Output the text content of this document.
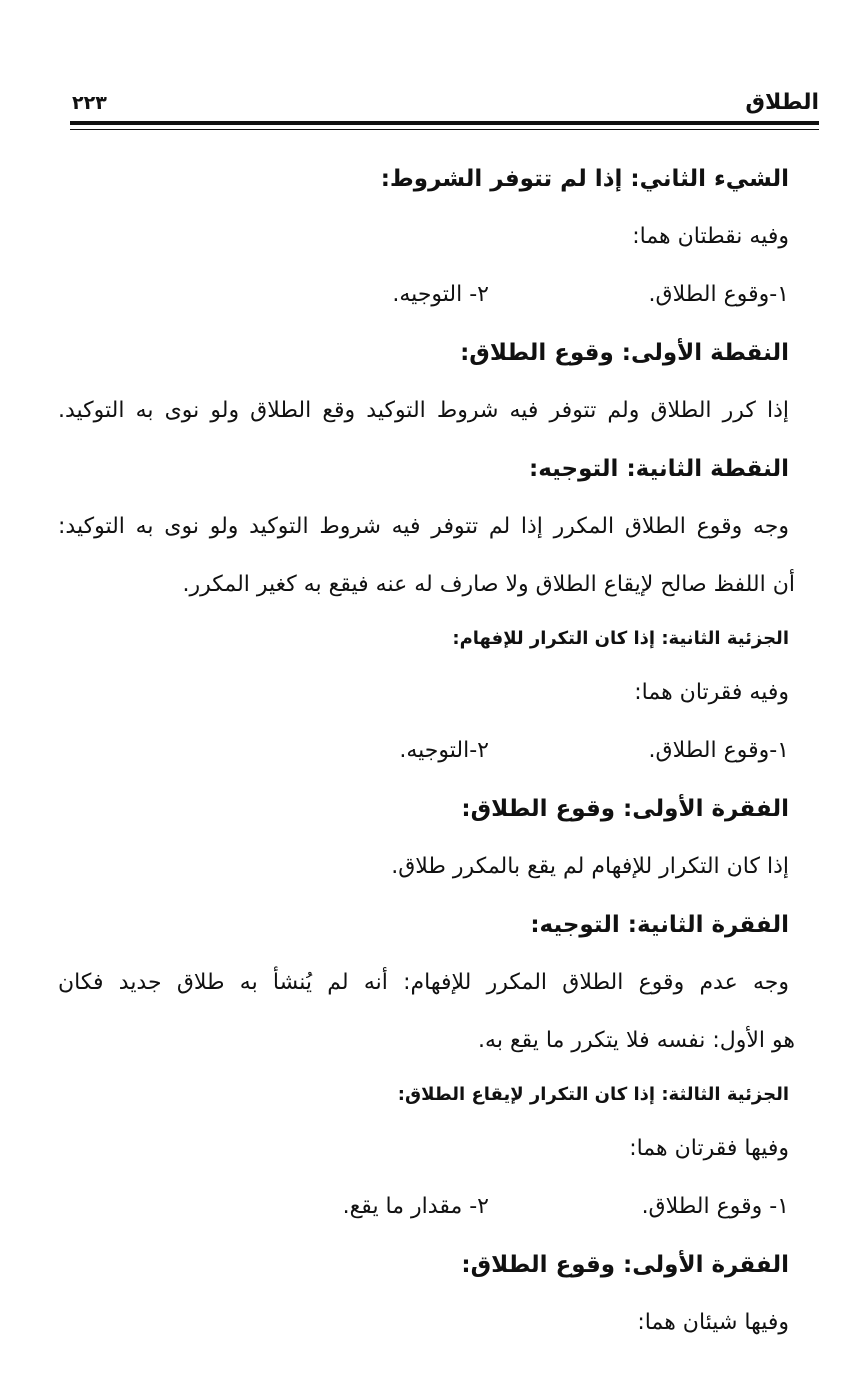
الطلاق
٢٢٣
الشيء الثاني: إذا لم تتوفر الشروط:
وفيه نقطتان هما:
١-وقوع الطلاق.
٢- التوجيه.
النقطة الأولى: وقوع الطلاق:
إذا كرر الطلاق ولم تتوفر فيه شروط التوكيد وقع الطلاق ولو نوى به التوكيد.
النقطة الثانية: التوجيه:
وجه وقوع الطلاق المكرر إذا لم تتوفر فيه شروط التوكيد ولو نوى به التوكيد:
أن اللفظ صالح لإيقاع الطلاق ولا صارف له عنه فيقع به كغير المكرر.
الجزئية الثانية: إذا كان التكرار للإفهام:
وفيه فقرتان هما:
١-وقوع الطلاق.
٢-التوجيه.
الفقرة الأولى: وقوع الطلاق:
إذا كان التكرار للإفهام لم يقع بالمكرر طلاق.
الفقرة الثانية: التوجيه:
وجه عدم وقوع الطلاق المكرر للإفهام: أنه لم يُنشأ به طلاق جديد فكان
هو الأول: نفسه فلا يتكرر ما يقع به.
الجزئية الثالثة: إذا كان التكرار لإيقاع الطلاق:
وفيها فقرتان هما:
١- وقوع الطلاق.
٢- مقدار ما يقع.
الفقرة الأولى: وقوع الطلاق:
وفيها شيئان هما:
